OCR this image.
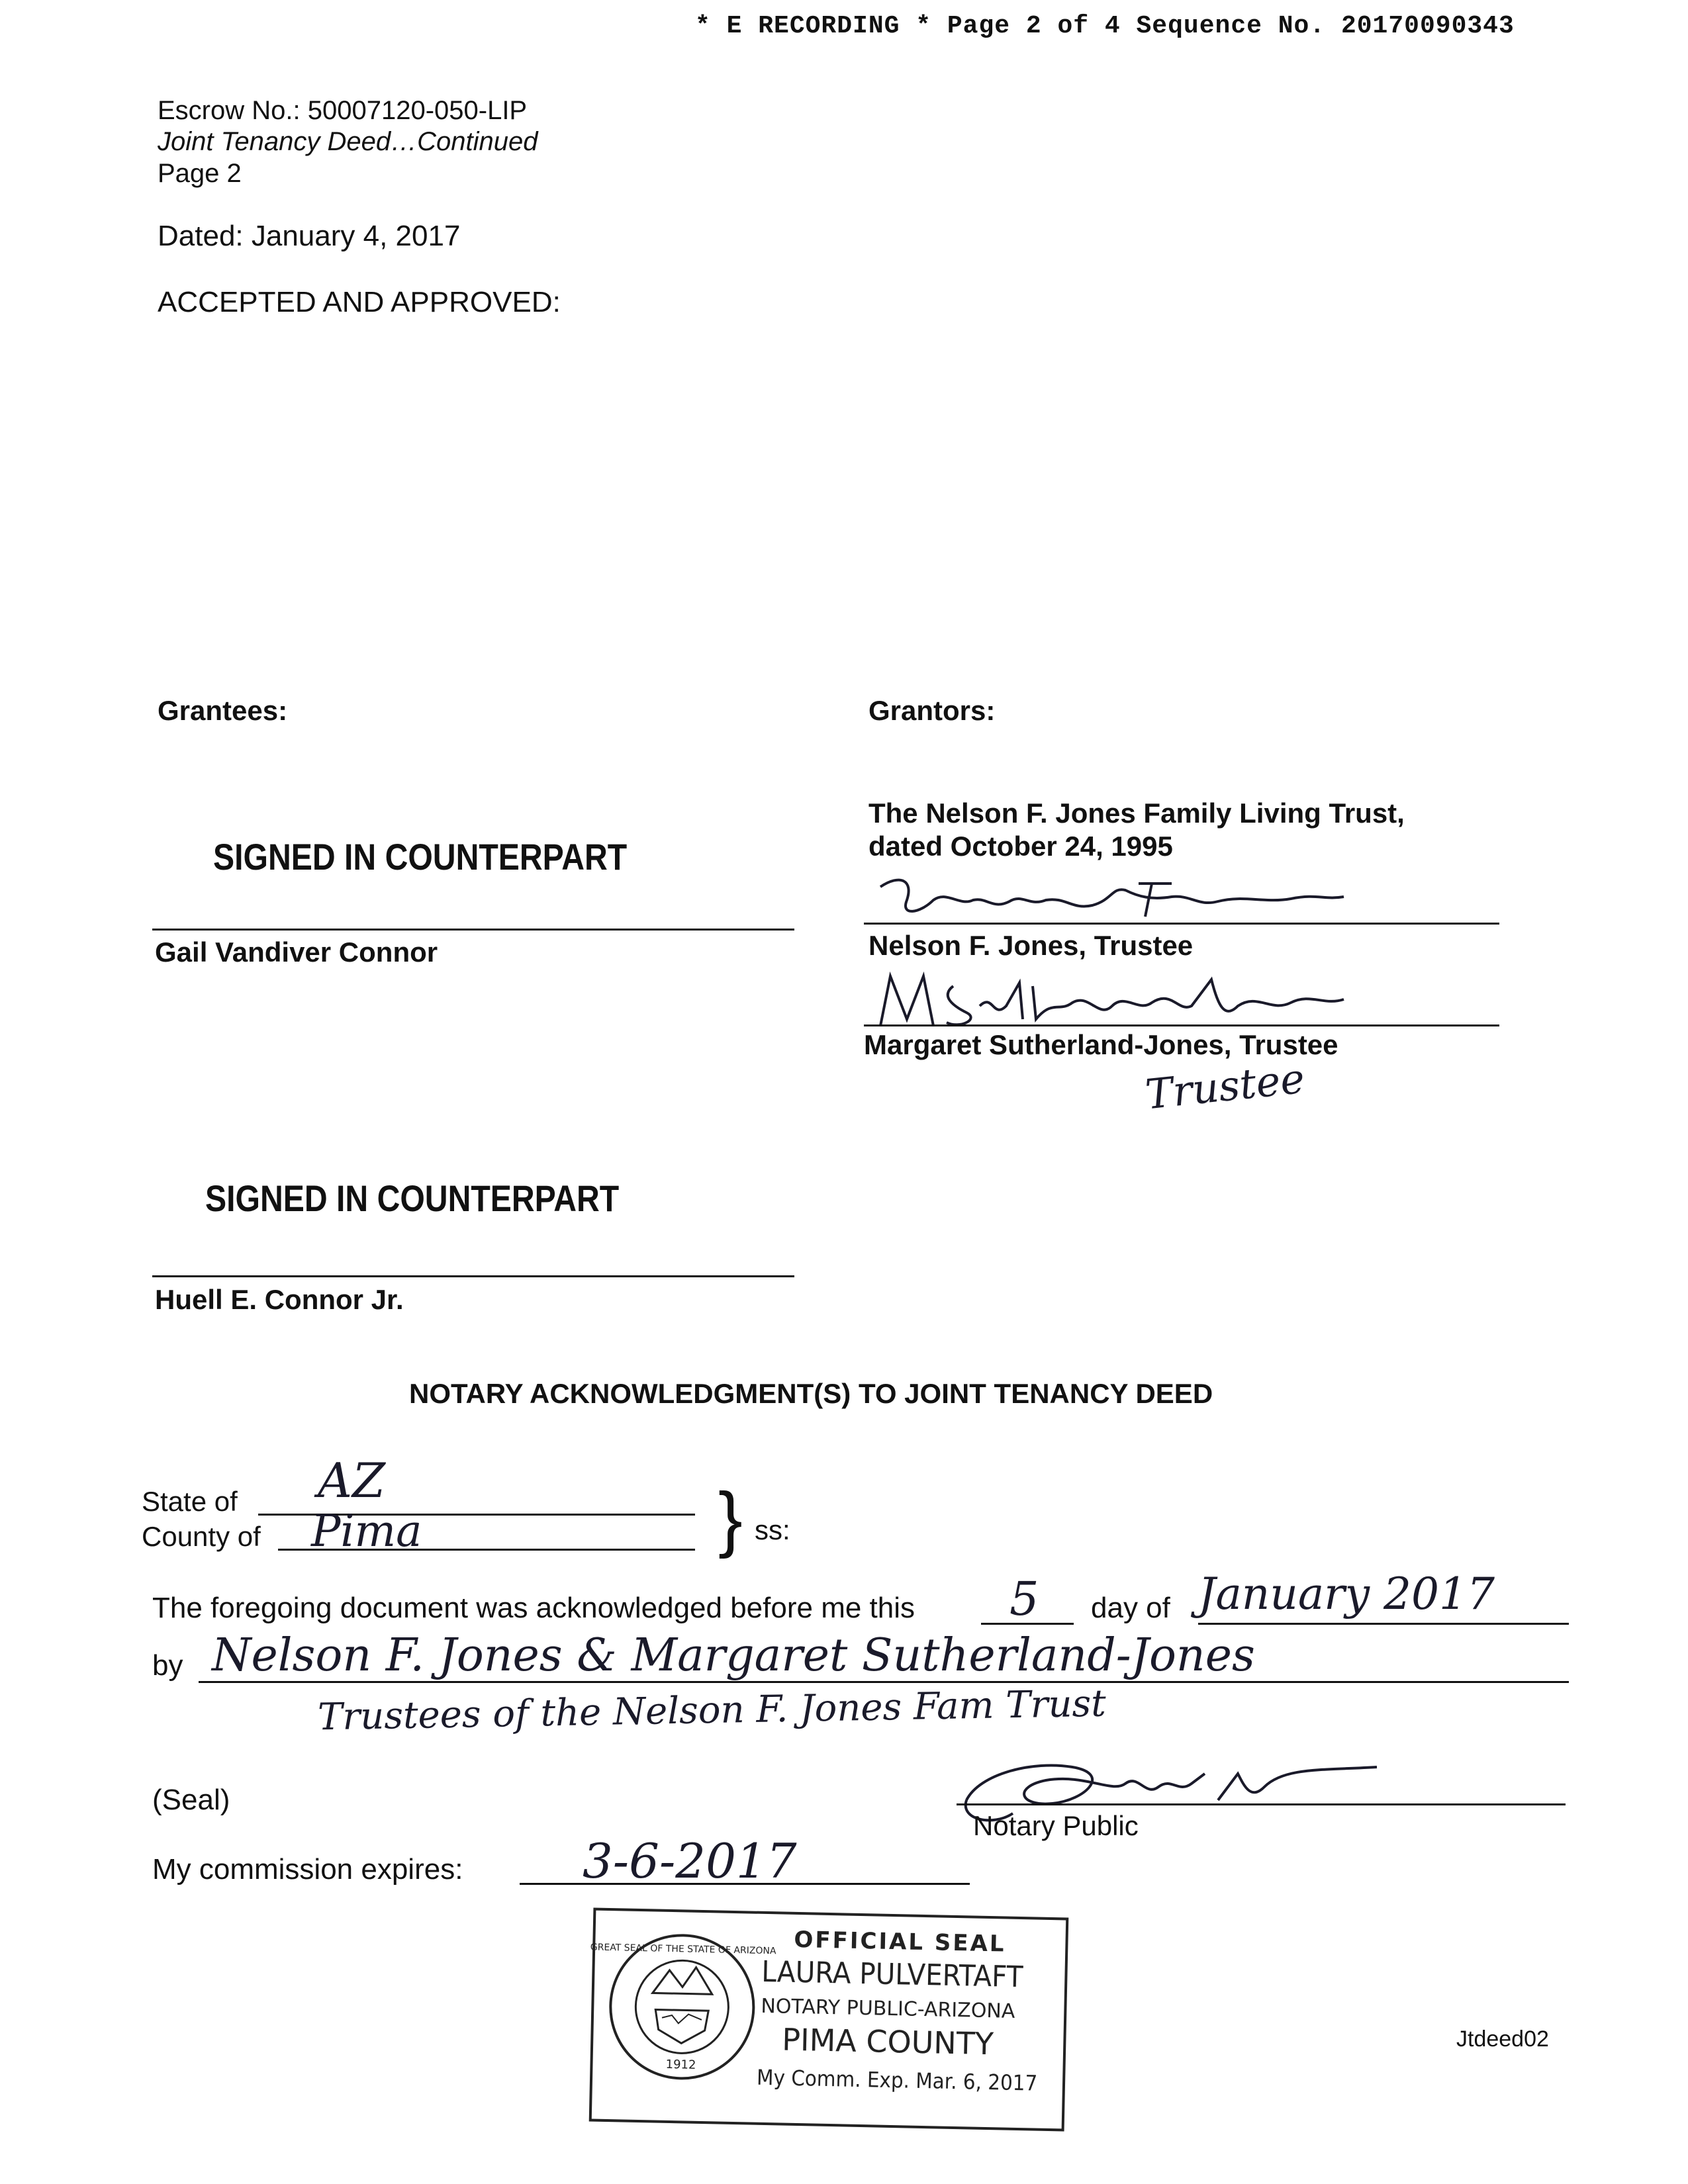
* E RECORDING * Page 2 of 4 Sequence No. 20170090343
Escrow No.: 50007120-050-LIP
Joint Tenancy Deed…Continued
Page 2
Dated: January 4, 2017
ACCEPTED AND APPROVED:
Grantees:
SIGNED IN COUNTERPART
Gail Vandiver Connor
SIGNED IN COUNTERPART
Huell E. Connor Jr.
Grantors:
The Nelson F. Jones Family Living Trust,
dated October 24, 1995
Nelson F. Jones, Trustee
Margaret Sutherland-Jones, Trustee
Trustee
NOTARY ACKNOWLEDGMENT(S) TO JOINT TENANCY DEED
State of AZ
County of Pima	} ss:
The foregoing document was acknowledged before me this 5 day of January 2017
by Nelson F. Jones & Margaret Sutherland-Jones
Trustees of the Nelson F. Jones Fam Trust
(Seal)
Notary Public
My commission expires:	3-6-2017
GREAT SEAL OF THE STATE OF ARIZONA
1912
OFFICIAL SEAL
LAURA PULVERTAFT
NOTARY PUBLIC-ARIZONA
PIMA COUNTY
My Comm. Exp. Mar. 6, 2017
Jtdeed02
